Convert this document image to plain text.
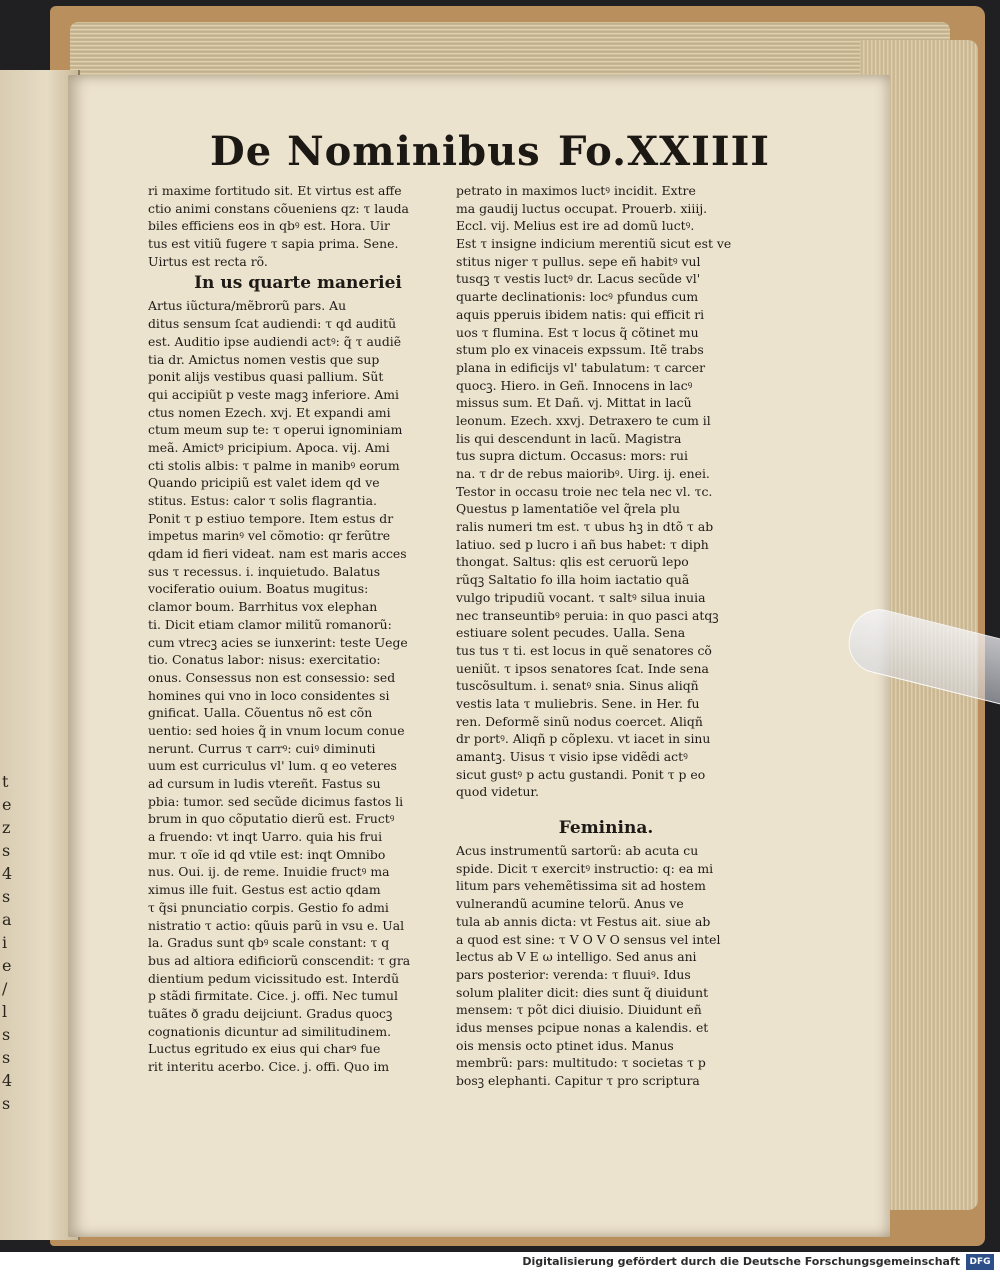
t
e
z
s
4
s
a
i
e
/
l
s
s
4
s
De Nominibus Fo.XXIIII
ri maxime fortitudo sit. Et virtus est affe
ctio animi constans cõueniens qz: τ lauda
biles efficiens eos in qbꝰ est. Hora. Uir
tus est vitiũ fugere τ sapia prima. Sene.
Uirtus est recta rõ.
In us quarte maneriei
Artus iũctura/mẽbrorũ pars. Au
ditus sensum ſcat audiendi: τ qd auditũ
est. Auditio ipse audiendi actꝰ: q̃ τ audiẽ
tia dr. Amictus nomen vestis que sup
ponit alijs vestibus quasi pallium. Sũt
qui accipiũt p veste magꝫ inferiore. Ami
ctus nomen Ezech. xvj. Et expandi ami
ctum meum sup te: τ operui ignominiam
meã. Amictꝰ pricipium. Apoca. vij. Ami
cti stolis albis: τ palme in manibꝰ eorum
Quando pricipiũ est valet idem qd ve
stitus. Estus: calor τ solis flagrantia.
Ponit τ p estiuo tempore. Item estus dr
impetus marinꝰ vel cõmotio: qr ferũtre
qdam id fieri videat. nam est maris acces
sus τ recessus. i. inquietudo. Balatus
vociferatio ouium. Boatus mugitus:
clamor boum. Barrhitus vox elephan
ti. Dicit etiam clamor militũ romanorũ:
cum vtrecꝫ acies se iunxerint: teste Uege
tio. Conatus labor: nisus: exercitatio:
onus. Consessus non est consessio: sed
homines qui vno in loco considentes si
gnificat. Ualla. Cõuentus nõ est cõn
uentio: sed hoies q̃ in vnum locum conue
nerunt. Currus τ carrꝰ: cuiꝰ diminuti
uum est curriculus vl' lum. q eo veteres
ad cursum in ludis vtereñt. Fastus su
pbia: tumor. sed secũde dicimus fastos li
brum in quo cõputatio dierũ est. Fructꝰ
a fruendo: vt inqt Uarro. quia his frui
mur. τ oĩe id qd vtile est: inqt Omnibo
nus. Oui. ij. de reme. Inuidie fructꝰ ma
ximus ille fuit. Gestus est actio qdam
τ q̃si pnunciatio corpis. Gestio fo admi
nistratio τ actio: qũuis parũ in vsu e. Ual
la. Gradus sunt qbꝰ scale constant: τ q
bus ad altiora edificiorũ conscendit: τ gra
dientium pedum vicissitudo est. Interdũ
p stãdi firmitate. Cice. j. offi. Nec tumul
tuãtes ð gradu deijciunt. Gradus quocꝫ
cognationis dicuntur ad similitudinem.
Luctus egritudo ex eius qui charꝰ fue
rit interitu acerbo. Cice. j. offi. Quo im
petrato in maximos luctꝰ incidit. Extre
ma gaudij luctus occupat. Prouerb. xiiij.
Eccl. vij. Melius est ire ad domũ luctꝰ.
Est τ insigne indicium merentiũ sicut est ve
stitus niger τ pullus. sepe eñ habitꝰ vul
tusqꝫ τ vestis luctꝰ dr. Lacus secũde vl'
quarte declinationis: locꝰ pfundus cum
aquis pperuis ibidem natis: qui efficit ri
uos τ flumina. Est τ locus q̃ cõtinet mu
stum plo ex vinaceis expssum. Itẽ trabs
plana in edificijs vl' tabulatum: τ carcer
quocꝫ. Hiero. in Geñ. Innocens in lacꝰ
missus sum. Et Dañ. vj. Mittat in lacũ
leonum. Ezech. xxvj. Detraxero te cum il
lis qui descendunt in lacũ. Magistra
tus supra dictum. Occasus: mors: rui
na. τ dr de rebus maioribꝰ. Uirg. ij. enei.
Testor in occasu troie nec tela nec vl. τc.
Questus p lamentatiõe vel q̃rela plu
ralis numeri tm est. τ ubus hꝫ in dtõ τ ab
latiuo. sed p lucro i añ bus habet: τ diph
thongat. Saltus: qlis est ceruorũ lepo
rũqꝫ Saltatio fo illa hoim iactatio quã
vulgo tripudiũ vocant. τ saltꝰ silua inuia
nec transeuntibꝰ peruia: in quo pasci atqꝫ
estiuare solent pecudes. Ualla. Sena
tus tus τ ti. est locus in quẽ senatores cõ
ueniũt. τ ipsos senatores ſcat. Inde sena
tuscõsultum. i. senatꝰ snia. Sinus aliqñ
vestis lata τ muliebris. Sene. in Her. fu
ren. Deformẽ sinũ nodus coercet. Aliqñ
dr portꝰ. Aliqñ p cõplexu. vt iacet in sinu
amantꝫ. Uisus τ visio ipse vidẽdi actꝰ
sicut gustꝰ p actu gustandi. Ponit τ p eo
quod videtur.
Feminina.
Acus instrumentũ sartorũ: ab acuta cu
spide. Dicit τ exercitꝰ instructio: q: ea mi
litum pars vehemẽtissima sit ad hostem
vulnerandũ acumine telorũ. Anus ve
tula ab annis dicta: vt Festus ait. siue ab
a quod est sine: τ V O V O sensus vel intel
lectus ab V E ω intelligo. Sed anus ani
pars posterior: verenda: τ fluuiꝰ. Idus
solum plaliter dicit: dies sunt q̃ diuidunt
mensem: τ põt dici diuisio. Diuidunt eñ
idus menses pcipue nonas a kalendis. et
ois mensis octo ptinet idus. Manus
membrũ: pars: multitudo: τ societas τ p
bosꝫ elephanti. Capitur τ pro scriptura
Digitalisierung gefördert durch die Deutsche Forschungsgemeinschaft	DFG
